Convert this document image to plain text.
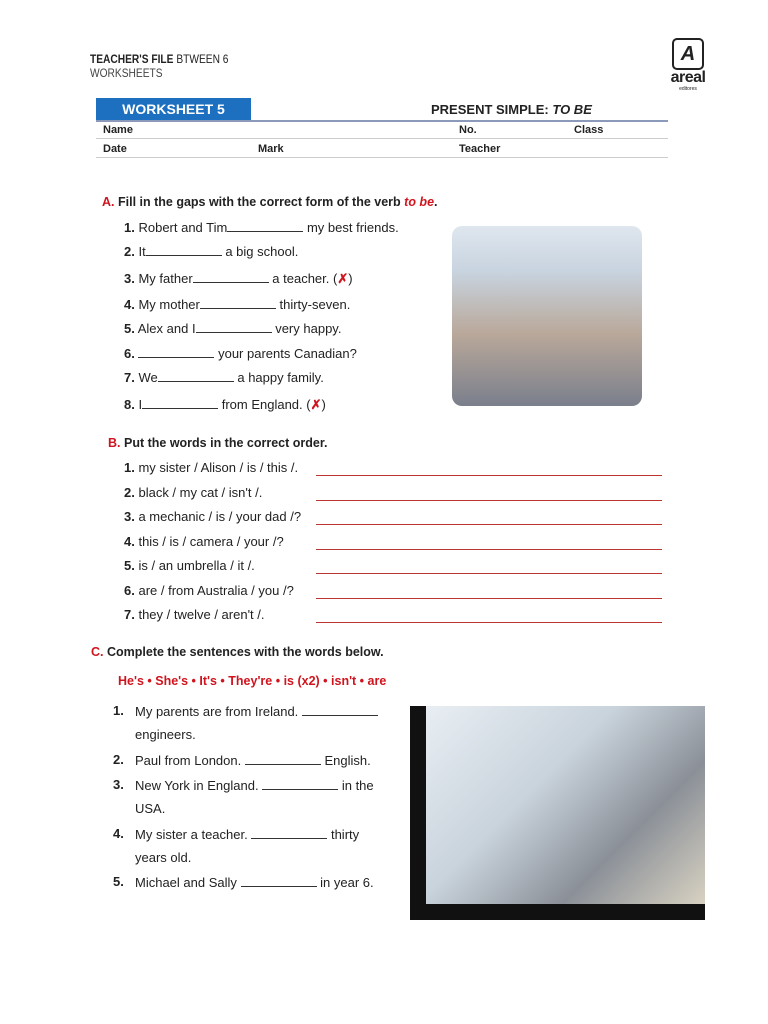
TEACHER'S FILE BTWEEN 6
WORKSHEETS
A
areal
editores
WORKSHEET 5	PRESENT SIMPLE: TO BE
Name	No.	Class
Date	Mark	Teacher
A. Fill in the gaps with the correct form of the verb to be.
B. Put the words in the correct order.
C. Complete the sentences with the words below.
He's • She's • It's • They're • is (x2) • isn't • are
1. Robert and Tim	my best friends.
2. It	a big school.
3. My father	a teacher. (✗)
4. My mother	thirty-seven.
5. Alex and I	very happy.
6.	your parents Canadian?
7. We	a happy family.
8. I	from England. (✗)
1. my sister / Alison / is / this /.
2. black / my cat / isn't /.
3. a mechanic / is / your dad /?
4. this / is / camera / your /?
5. is / an umbrella / it /.
6. are / from Australia / you /?
7. they / twelve / aren't /.
1. My parents are from Ireland.
engineers.
2. Paul from London.	English.
3. New York in England.	in the
USA.
4. My sister a teacher.	thirty
years old.
5. Michael and Sally	in year 6.
